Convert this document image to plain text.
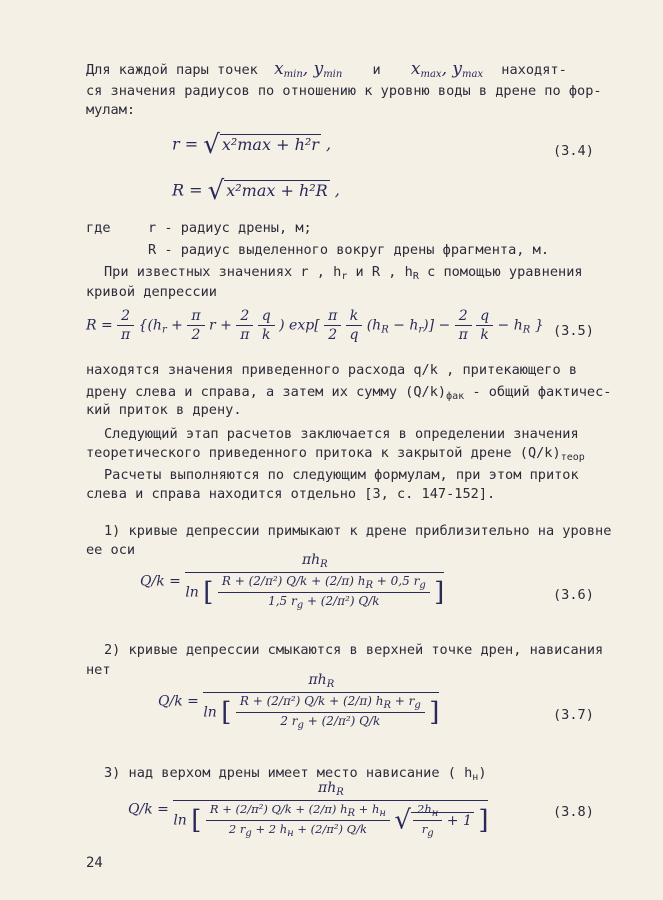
Для каждой пары точек $x_{min}$, $y_{min}$ и $x_{max}$, $y_{max}$ находят-
ся значения радиусов по отношению к уровню воды в дрене по фор-
мулам:
r = √ x²max + h²r ,	(3.4)
R = √ x²max + h²R ,
где	r - радиус дрены, м;
R - радиус выделенного вокруг дрены фрагмента, м.
При известных значениях r , $h_r$ и R , $h_R$ с помощью уравнения
кривой депрессии
$R = \frac{2}{\pi} \{(h_r + \frac{\pi}{2}$ $r + \frac{2}{\pi}$
$\frac{q}{k}$ ) $\exp[ \frac{\pi}{2}$
$\frac{k}{q} (h_R - h_r)] - \frac{2}{\pi}$
$\frac{q}{k} - h_R$ } (3.5)
находятся значения приведенного расхода q/k , притекающего в
дрену слева и справа, а затем их сумму $(Q/k)_{фак}$ - общий фактичес-
кий приток в дрену.
Следующий этап расчетов заключается в определении значения
теоретического приведенного притока к закрытой дрене $(Q/k)_{теор}$
Расчеты выполняются по следующим формулам, при этом приток
слева и справа находится отдельно [3, с. 147-152].
1) кривые депрессии примыкают к дрене приблизительно на уровне
ее оси
Q/k =
$\pi h_R$
ln [ $\frac{R + (2/\pi^2) Q/k + (2/\pi) h_R + 0,5 r_g}{1,5 r_g + (2/\pi^2) Q/k}$ ]	(3.6)
2) кривые депрессии смыкаются в верхней точке дрен, нависания
нет
Q/k =
$\pi h_R$
ln [ $\frac{R + (2/\pi^2) Q/k + (2/\pi) h_R + r_g}{2 r_g + (2/\pi^2) Q/k}$ ]	(3.7)
3) над верхом дрены имеет место нависание ( $h_н$)
Q/k =
$\pi h_R$
ln [ $\frac{\text{R + (2/π²) Q/k + (2/π) hR + hн}}{\text{2 rg + 2 hн + (2/π²) Q/k}}$ √ $\frac{2hн}{rg} + 1$ ]	(3.8)
24
